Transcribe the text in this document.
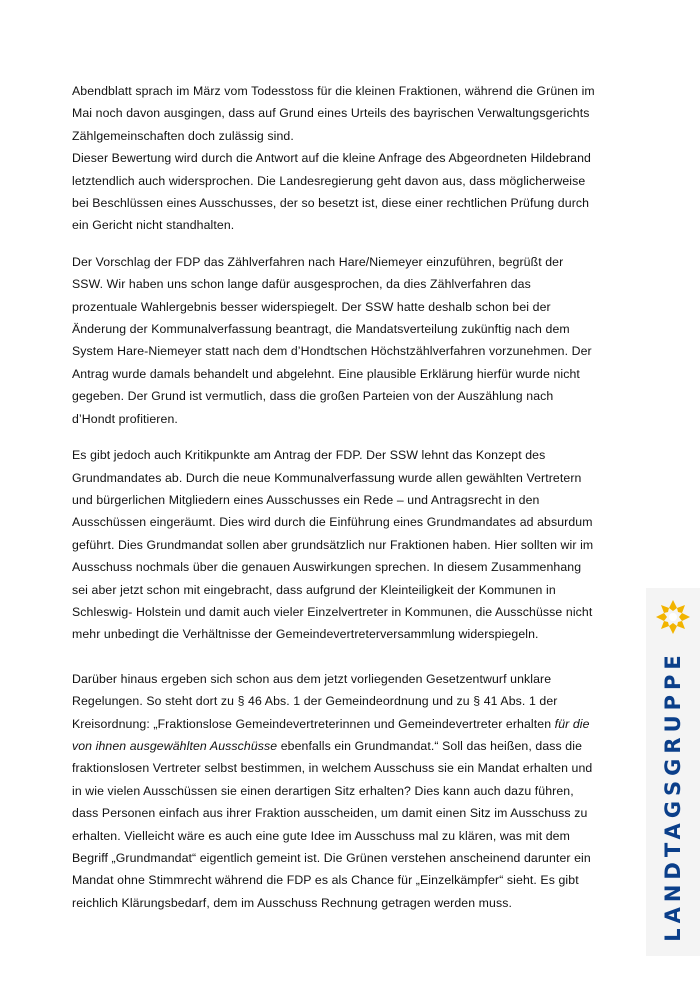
Abendblatt sprach im März vom Todesstoss für die kleinen Fraktionen, während die Grünen im
Mai noch davon ausgingen, dass auf Grund eines Urteils des bayrischen Verwaltungsgerichts
Zählgemeinschaften doch zulässig sind.

Dieser Bewertung wird durch die Antwort auf die kleine Anfrage des Abgeordneten Hildebrand
letztendlich auch widersprochen. Die Landesregierung geht davon aus, dass möglicherweise
bei Beschlüssen eines Ausschusses, der so besetzt ist, diese einer rechtlichen Prüfung durch
ein Gericht nicht standhalten.

Der Vorschlag der FDP das Zählverfahren nach Hare/Niemeyer einzuführen, begrüßt der
SSW. Wir haben uns schon lange dafür ausgesprochen, da dies Zählverfahren das
prozentuale Wahlergebnis besser widerspiegelt. Der SSW hatte deshalb schon bei der
Änderung der Kommunalverfassung beantragt, die Mandatsverteilung zukünftig nach dem
System Hare-Niemeyer statt nach dem d’Hondtschen Höchstzählverfahren vorzunehmen. Der
Antrag wurde damals behandelt und abgelehnt. Eine plausible Erklärung hierfür wurde nicht
gegeben. Der Grund ist vermutlich, dass die großen Parteien von der Auszählung nach
d’Hondt profitieren.

Es gibt jedoch auch Kritikpunkte am Antrag der FDP. Der SSW lehnt das Konzept des
Grundmandates ab. Durch die neue Kommunalverfassung wurde allen gewählten Vertretern
und bürgerlichen Mitgliedern eines Ausschusses ein Rede – und Antragsrecht in den
Ausschüssen eingeräumt. Dies wird durch die Einführung eines Grundmandates ad absurdum
geführt. Dies Grundmandat sollen aber grundsätzlich nur Fraktionen haben. Hier sollten wir im
Ausschuss nochmals über die genauen Auswirkungen sprechen. In diesem Zusammenhang
sei aber jetzt schon mit eingebracht, dass aufgrund der Kleinteiligkeit der Kommunen in
Schleswig- Holstein und damit auch vieler Einzelvertreter in Kommunen, die Ausschüsse nicht
mehr unbedingt die Verhältnisse der Gemeindevertreterversammlung widerspiegeln.

Darüber hinaus ergeben sich schon aus dem jetzt vorliegenden Gesetzentwurf unklare
Regelungen. So steht dort zu § 46 Abs. 1 der Gemeindeordnung und zu § 41 Abs. 1 der
Kreisordnung: „Fraktionslose Gemeindevertreterinnen und Gemeindevertreter erhalten für die
von ihnen ausgewählten Ausschüsse ebenfalls ein Grundmandat.“ Soll das heißen, dass die
fraktionslosen Vertreter selbst bestimmen, in welchem Ausschuss sie ein Mandat erhalten und
in wie vielen Ausschüssen sie einen derartigen Sitz erhalten? Dies kann auch dazu führen,
dass Personen einfach aus ihrer Fraktion ausscheiden, um damit einen Sitz im Ausschuss zu
erhalten. Vielleicht wäre es auch eine gute Idee im Ausschuss mal zu klären, was mit dem
Begriff „Grundmandat“ eigentlich gemeint ist. Die Grünen verstehen anscheinend darunter ein
Mandat ohne Stimmrecht während die FDP es als Chance für „Einzelkämpfer“ sieht. Es gibt
reichlich Klärungsbedarf, dem im Ausschuss Rechnung getragen werden muss.	LANDTAGSGRUPPE
